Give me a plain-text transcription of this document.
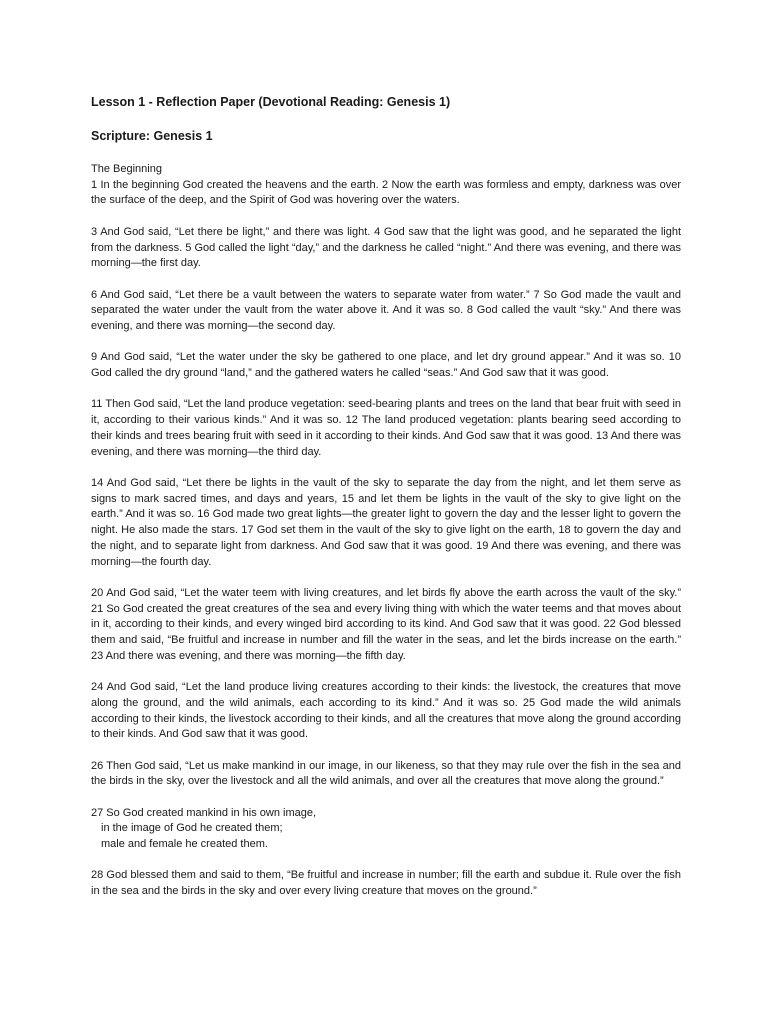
Lesson 1 - Reflection Paper (Devotional Reading: Genesis 1)

Scripture: Genesis 1

The Beginning

1 In the beginning God created the heavens and the earth. 2 Now the earth was formless and empty, darkness was over the surface of the deep, and the Spirit of God was hovering over the waters.

3 And God said, “Let there be light,” and there was light. 4 God saw that the light was good, and he separated the light from the darkness. 5 God called the light “day,” and the darkness he called “night.” And there was evening, and there was morning—the first day.

6 And God said, “Let there be a vault between the waters to separate water from water.” 7 So God made the vault and separated the water under the vault from the water above it. And it was so. 8 God called the vault “sky.” And there was evening, and there was morning—the second day.

9 And God said, “Let the water under the sky be gathered to one place, and let dry ground appear.” And it was so. 10 God called the dry ground “land,” and the gathered waters he called “seas.” And God saw that it was good.

11 Then God said, “Let the land produce vegetation: seed-bearing plants and trees on the land that bear fruit with seed in it, according to their various kinds.” And it was so. 12 The land produced vegetation: plants bearing seed according to their kinds and trees bearing fruit with seed in it according to their kinds. And God saw that it was good. 13 And there was evening, and there was morning—the third day.

14 And God said, “Let there be lights in the vault of the sky to separate the day from the night, and let them serve as signs to mark sacred times, and days and years, 15 and let them be lights in the vault of the sky to give light on the earth.” And it was so. 16 God made two great lights—the greater light to govern the day and the lesser light to govern the night. He also made the stars. 17 God set them in the vault of the sky to give light on the earth, 18 to govern the day and the night, and to separate light from darkness. And God saw that it was good. 19 And there was evening, and there was morning—the fourth day.

20 And God said, “Let the water teem with living creatures, and let birds fly above the earth across the vault of the sky.” 21 So God created the great creatures of the sea and every living thing with which the water teems and that moves about in it, according to their kinds, and every winged bird according to its kind. And God saw that it was good. 22 God blessed them and said, “Be fruitful and increase in number and fill the water in the seas, and let the birds increase on the earth.” 23 And there was evening, and there was morning—the fifth day.

24 And God said, “Let the land produce living creatures according to their kinds: the livestock, the creatures that move along the ground, and the wild animals, each according to its kind.” And it was so. 25 God made the wild animals according to their kinds, the livestock according to their kinds, and all the creatures that move along the ground according to their kinds. And God saw that it was good.

26 Then God said, “Let us make mankind in our image, in our likeness, so that they may rule over the fish in the sea and the birds in the sky, over the livestock and all the wild animals, and over all the creatures that move along the ground.”

27 So God created mankind in his own image,
in the image of God he created them;
male and female he created them.

28 God blessed them and said to them, “Be fruitful and increase in number; fill the earth and subdue it. Rule over the fish in the sea and the birds in the sky and over every living creature that moves on the ground.”
